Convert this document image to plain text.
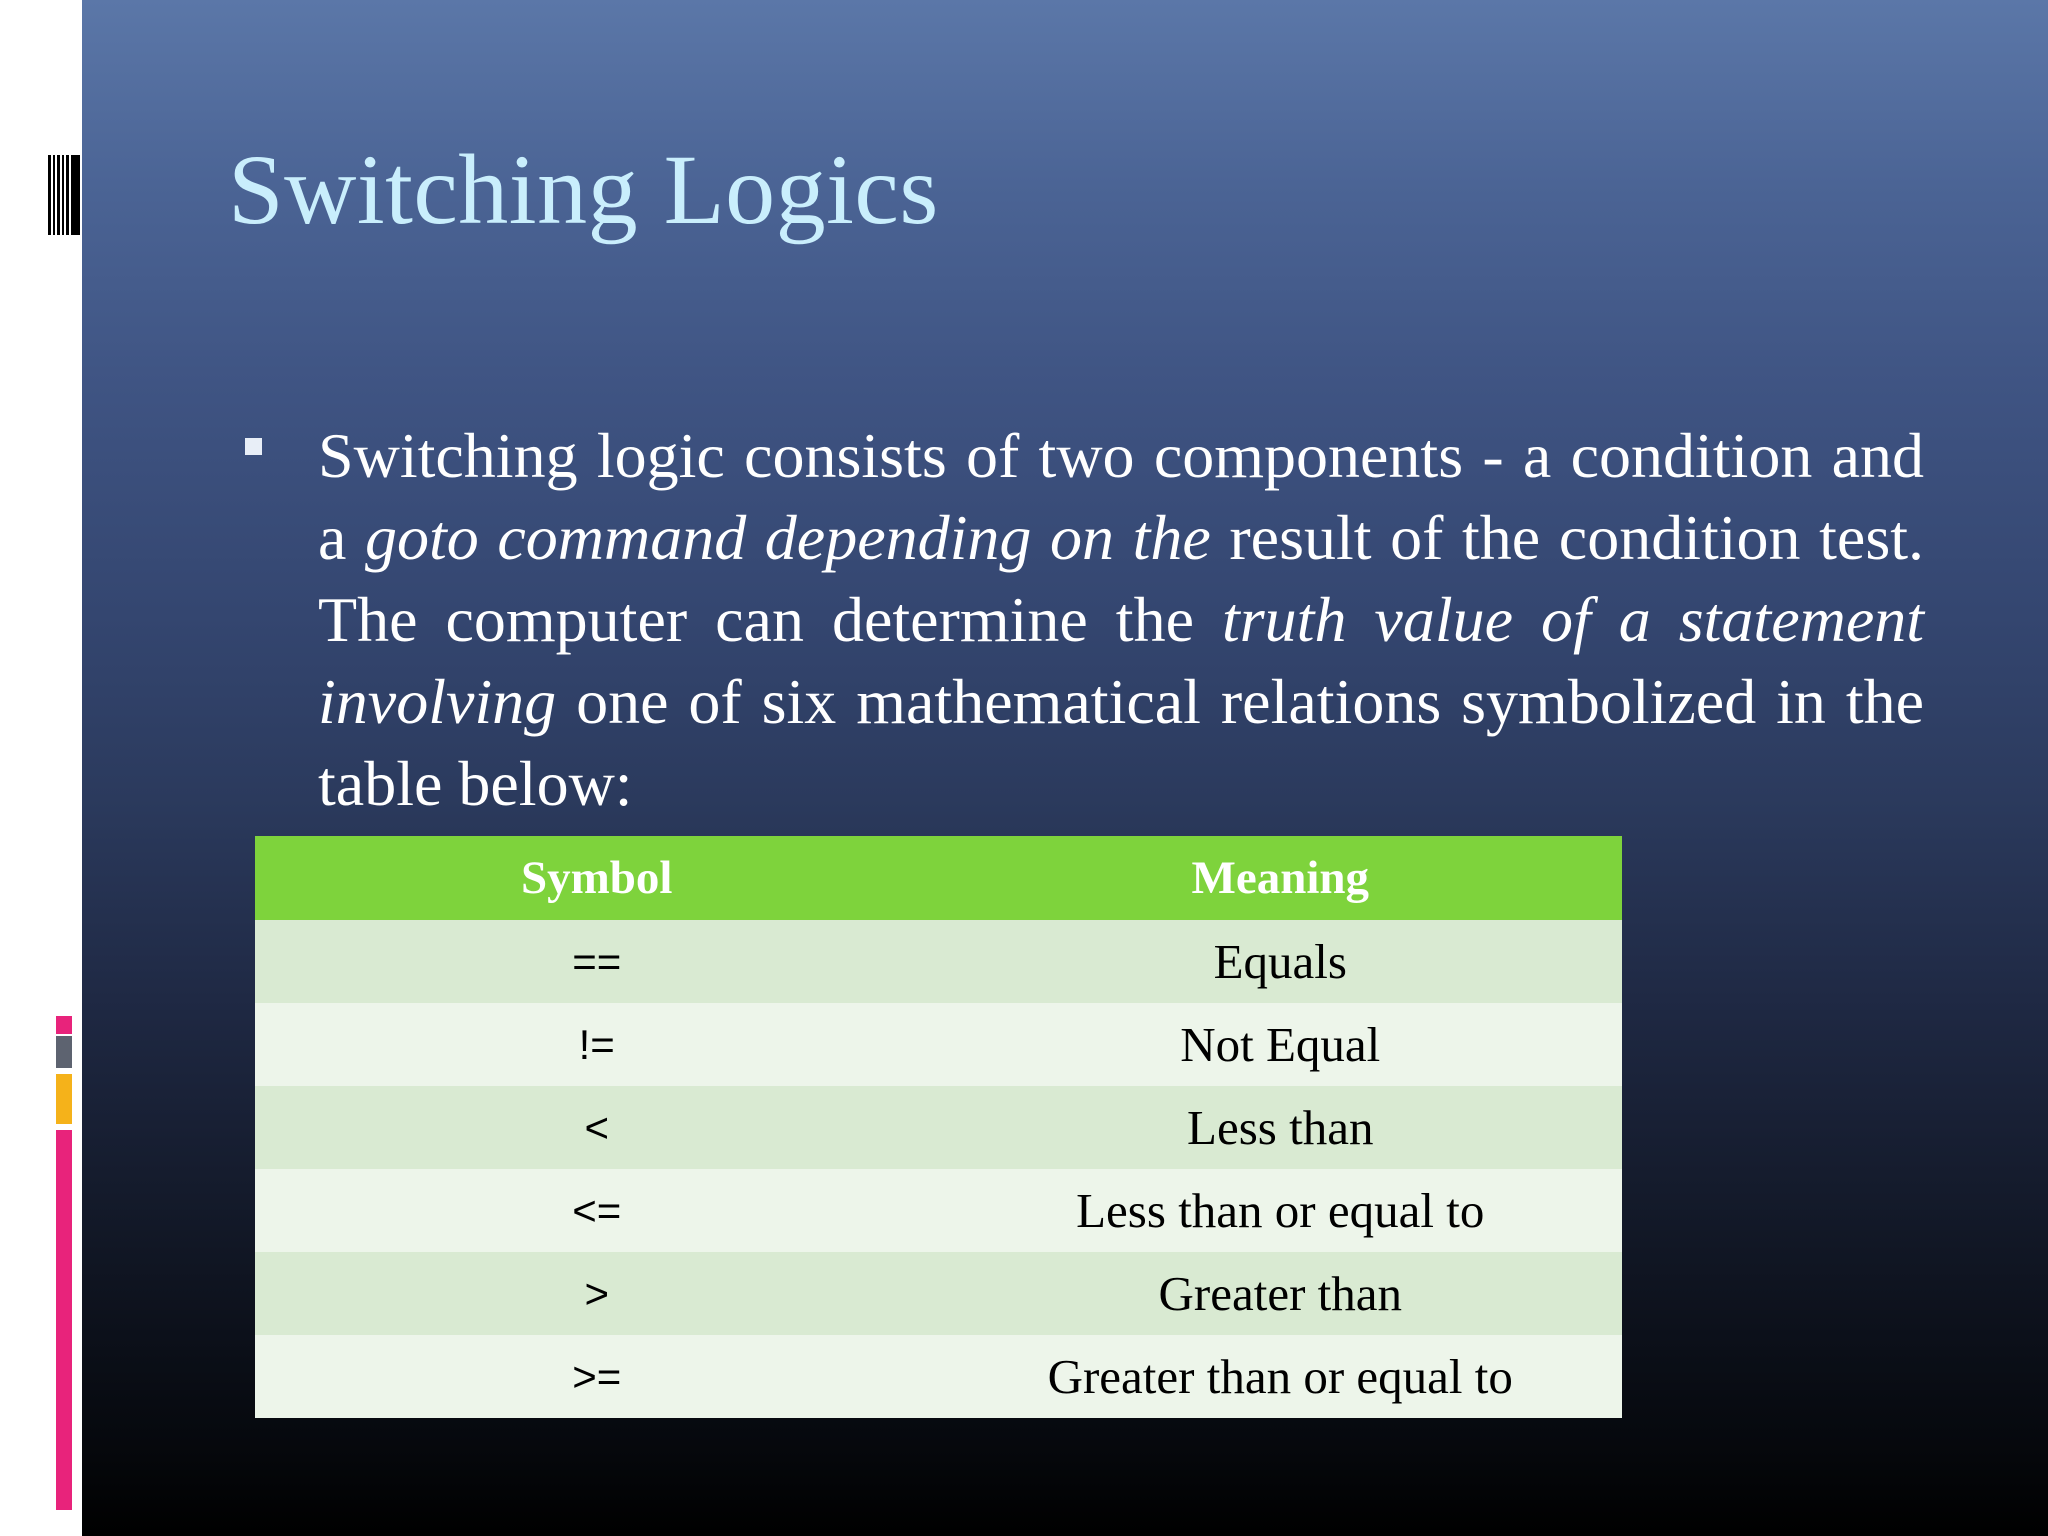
Switching Logics
Switching logic consists of two components - a condition and a goto command depending on the result of the condition test. The computer can determine the truth value of a statement involving one of six mathematical relations symbolized in the table below:
Symbol	Meaning
==	Equals
!=	Not Equal
<	Less than
<=	Less than or equal to
>	Greater than
>=	Greater than or equal to
